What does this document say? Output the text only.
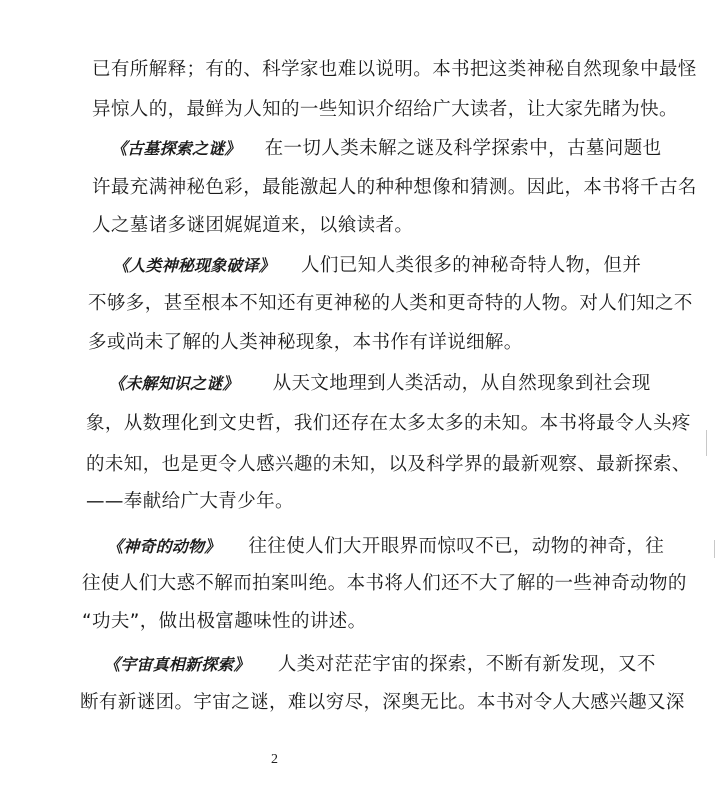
已有所解释；有的、科学家也难以说明。本书把这类神秘自然现象中最怪
异惊人的，最鲜为人知的一些知识介绍给广大读者，让大家先睹为快。
《古墓探索之谜》 在一切人类未解之谜及科学探索中，古墓问题也
许最充满神秘色彩，最能激起人的种种想像和猜测。因此，本书将千古名
人之墓诸多谜团娓娓道来，以飨读者。
《人类神秘现象破译》 人们已知人类很多的神秘奇特人物，但并
不够多，甚至根本不知还有更神秘的人类和更奇特的人物。对人们知之不
多或尚未了解的人类神秘现象，本书作有详说细解。
《未解知识之谜》 从天文地理到人类活动，从自然现象到社会现
象，从数理化到文史哲，我们还存在太多太多的未知。本书将最令人头疼
的未知，也是更令人感兴趣的未知，以及科学界的最新观察、最新探索、
——奉献给广大青少年。
《神奇的动物》 往往使人们大开眼界而惊叹不已，动物的神奇，往
往使人们大惑不解而拍案叫绝。本书将人们还不大了解的一些神奇动物的
“功夫”，做出极富趣味性的讲述。
《宇宙真相新探索》 人类对茫茫宇宙的探索，不断有新发现，又不
断有新谜团。宇宙之谜，难以穷尽，深奥无比。本书对令人大感兴趣又深
2
